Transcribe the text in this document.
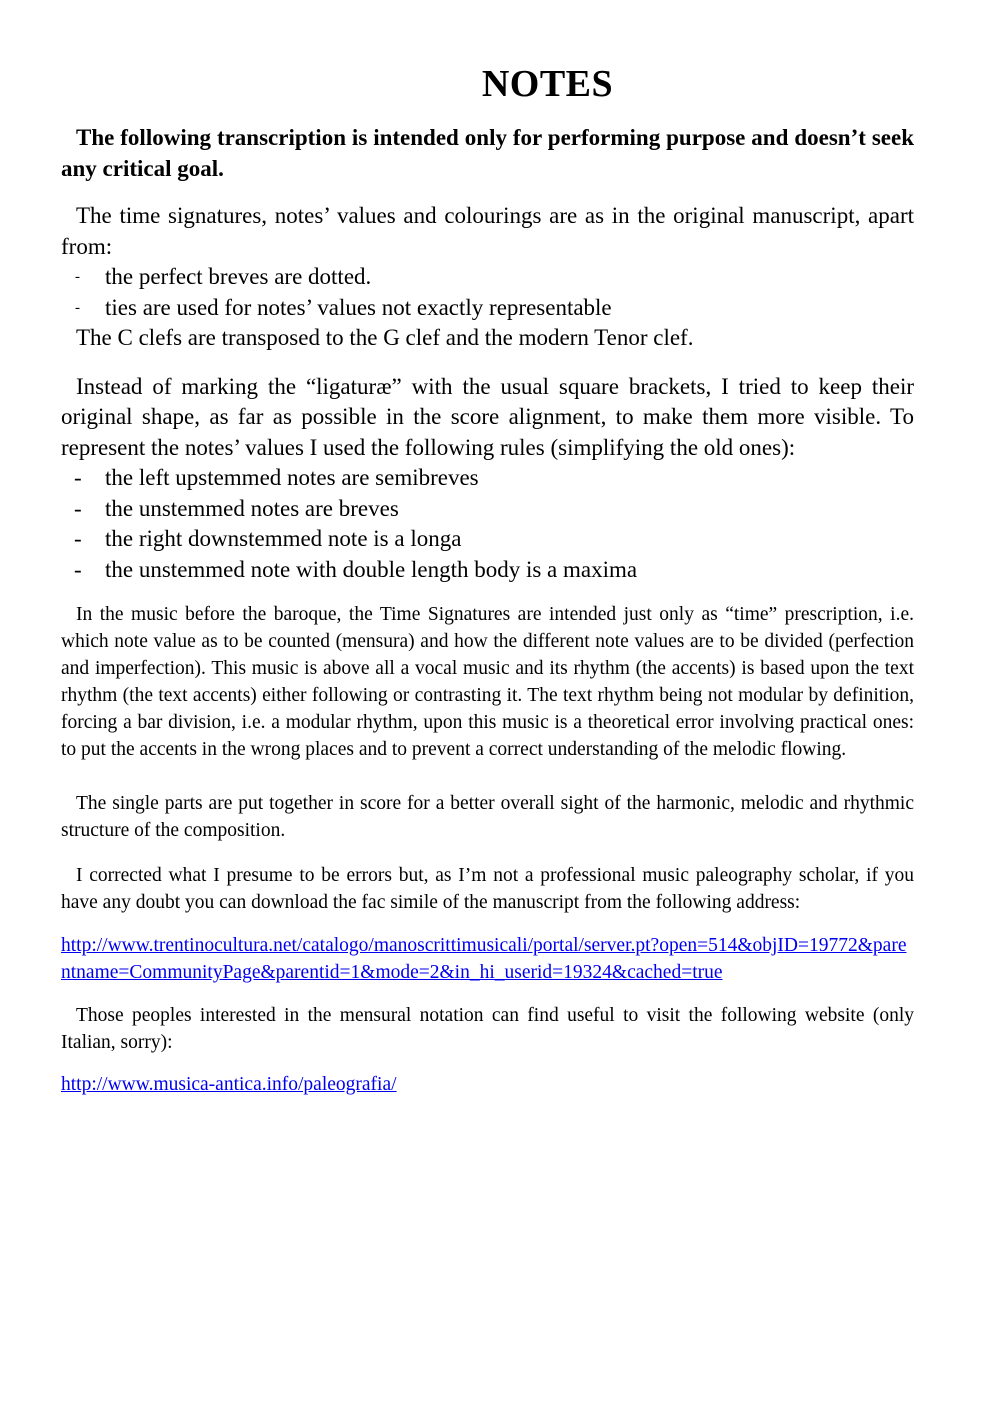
NOTES

The following transcription is intended only for performing purpose and doesn’t seek any critical goal.

The time signatures, notes’ values and colourings are as in the original manuscript, apart from:

- the perfect breves are dotted.
- ties are used for notes’ values not exactly representable

The C clefs are transposed to the G clef and the modern Tenor clef.

Instead of marking the “ligaturæ” with the usual square brackets, I tried to keep their original shape, as far as possible in the score alignment, to make them more visible. To represent the notes’ values I used the following rules (simplifying the old ones):

- the left upstemmed notes are semibreves
- the unstemmed notes are breves
- the right downstemmed note is a longa
- the unstemmed note with double length body is a maxima

In the music before the baroque, the Time Signatures are intended just only as “time” prescription, i.e. which note value as to be counted (mensura) and how the different note values are to be divided (perfection and imperfection). This music is above all a vocal music and its rhythm (the accents) is based upon the text rhythm (the text accents) either following or contrasting it. The text rhythm being not modular by definition, forcing a bar division, i.e. a modular rhythm, upon this music is a theoretical error involving practical ones: to put the accents in the wrong places and to prevent a correct understanding of the melodic flowing.

The single parts are put together in score for a better overall sight of the harmonic, melodic and rhythmic structure of the composition.

I corrected what I presume to be errors but, as I’m not a professional music paleography scholar, if you have any doubt you can download the fac simile of the manuscript from the following address:

http://www.trentinocultura.net/catalogo/manoscrittimusicali/portal/server.pt?open=514&objID=19772&parentname=CommunityPage&parentid=1&mode=2&in_hi_userid=19324&cached=true

Those peoples interested in the mensural notation can find useful to visit the following website (only Italian, sorry):

http://www.musica-antica.info/paleografia/
